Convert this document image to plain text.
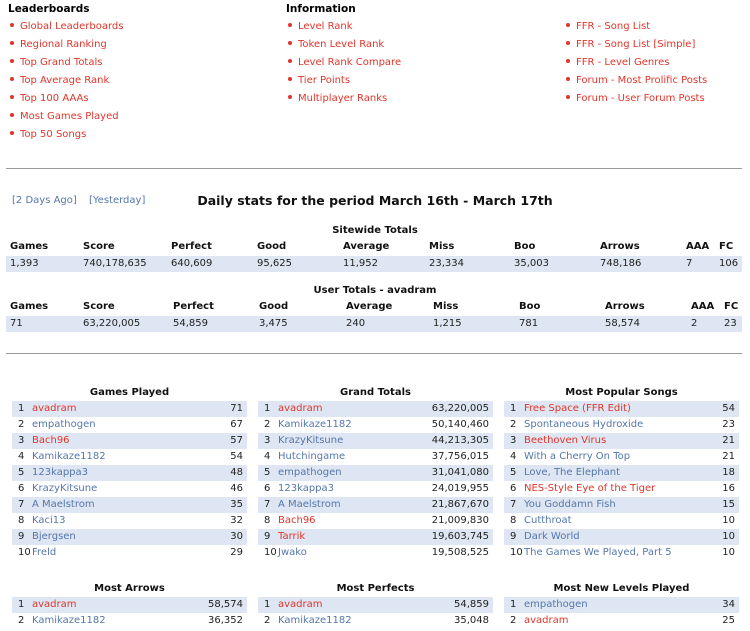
Leaderboards
Global Leaderboards
Regional Ranking
Top Grand Totals
Top Average Rank
Top 100 AAAs
Most Games Played
Top 50 Songs
Information
Level Rank
Token Level Rank
Level Rank Compare
Tier Points
Multiplayer Ranks

FFR - Song List
FFR - Song List [Simple]
FFR - Level Genres
Forum - Most Prolific Posts
Forum - User Forum Posts
[2 Days Ago] [Yesterday]	Daily stats for the period March 16th - March 17th
Sitewide Totals
Games	Score	Perfect	Good	Average	Miss	Boo	Arrows	AAA FC
1,393	740,178,635 640,609	95,625	11,952	23,334	35,003	748,186	7	106
User Totals - avadram
Games	Score	Perfect	Good	Average	Miss	Boo	Arrows	AAA FC
71	63,220,005	54,859	3,475	240	1,215	781	58,574	2	23
Games Played
1 avadram	71
2 empathogen	67
3 Bach96	57
4 Kamikaze1182	54
5 123kappa3	48
6 KrazyKitsune	46
7 A Maelstrom	35
8 Kaci13	32
9 Bjergsen	30
10 Freld	29
Grand Totals
1 avadram	63,220,005
2 Kamikaze1182	50,140,460
3 KrazyKitsune	44,213,305
4 Hutchingame	37,756,015
5 empathogen	31,041,080
6 123kappa3	24,019,955
7 A Maelstrom	21,867,670
8 Bach96	21,009,830
9 Tarrik	19,603,745
10 Jwako	19,508,525
Most Popular Songs
1 Free Space (FFR Edit)	54
2 Spontaneous Hydroxide	23
3 Beethoven Virus	21
4 With a Cherry On Top	21
5 Love, The Elephant	18
6 NES-Style Eye of the Tiger	16
7 You Goddamn Fish	15
8 Cutthroat	10
9 Dark World	10
10 The Games We Played, Part 5	10
Most Arrows
1 avadram	58,574
2 Kamikaze1182	36,352
Most Perfects
1 avadram	54,859
2 Kamikaze1182	35,048
Most New Levels Played
1 empathogen	34
2 avadram	25
